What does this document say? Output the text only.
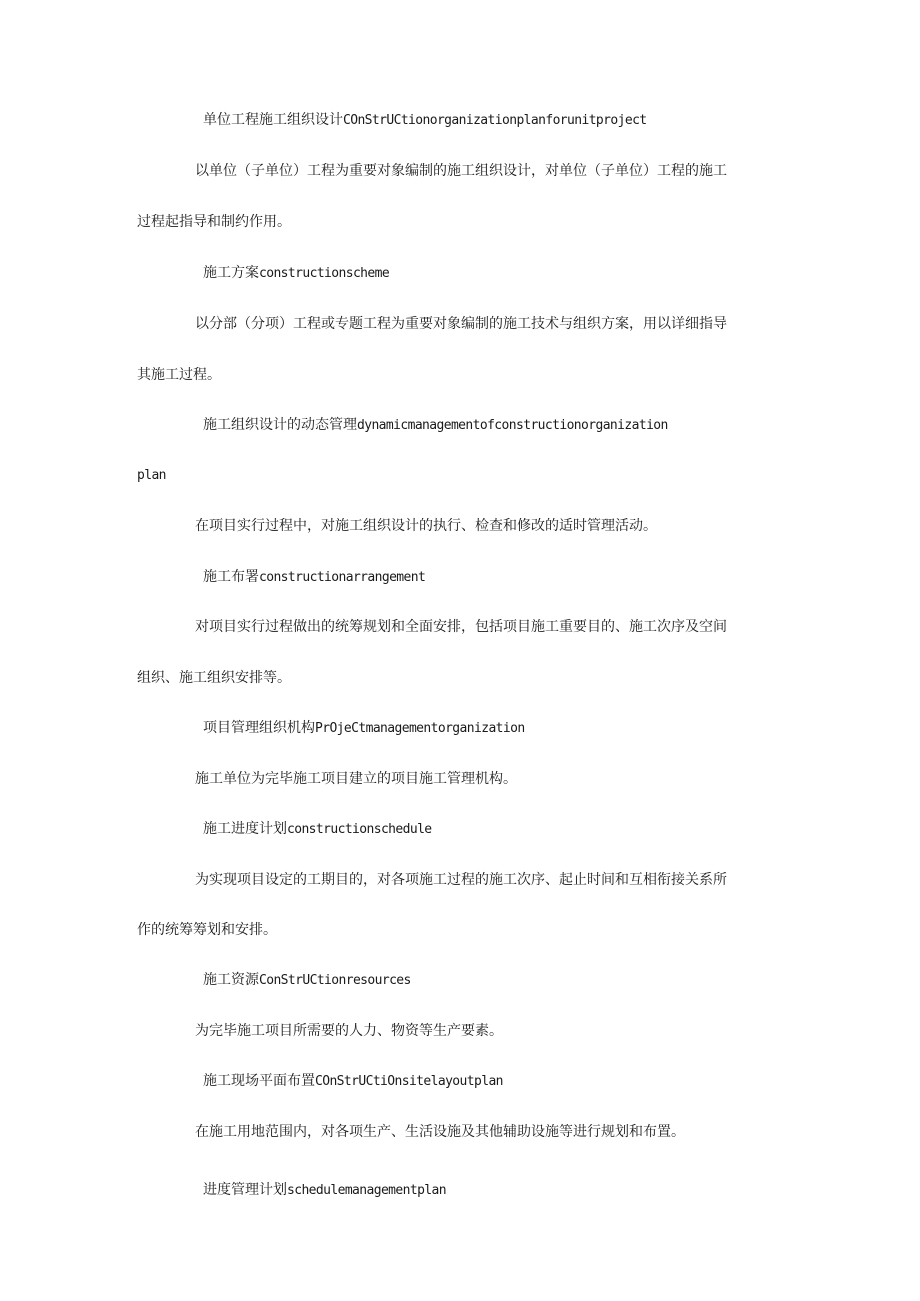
单位工程施工组织设计COnStrUCtionorganizationplanforunitproject
以单位（子单位）工程为重要对象编制的施工组织设计，对单位（子单位）工程的施工
过程起指导和制约作用。
施工方案constructionscheme
以分部（分项）工程或专题工程为重要对象编制的施工技术与组织方案，用以详细指导
其施工过程。
施工组织设计的动态管理dynamicmanagementofconstructionorganization
plan
在项目实行过程中，对施工组织设计的执行、检查和修改的适时管理活动。
施工布署constructionarrangement
对项目实行过程做出的统筹规划和全面安排，包括项目施工重要目的、施工次序及空间
组织、施工组织安排等。
项目管理组织机构PrOjeCtmanagementorganization
施工单位为完毕施工项目建立的项目施工管理机构。
施工进度计划constructionschedule
为实现项目设定的工期目的，对各项施工过程的施工次序、起止时间和互相衔接关系所
作的统筹筹划和安排。
施工资源ConStrUCtionresources
为完毕施工项目所需要的人力、物资等生产要素。
施工现场平面布置COnStrUCtiOnsitelayoutplan
在施工用地范围内，对各项生产、生活设施及其他辅助设施等进行规划和布置。
进度管理计划schedulemanagementplan
